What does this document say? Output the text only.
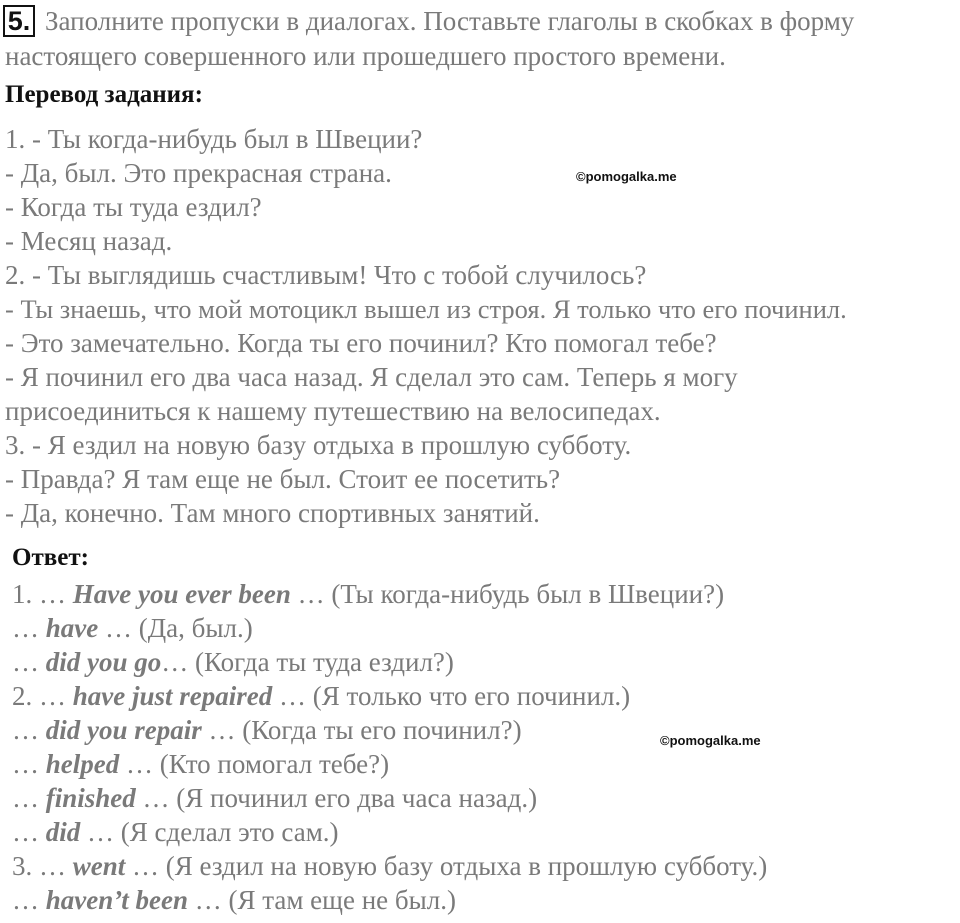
5. Заполните пропуски в диалогах. Поставьте глаголы в скобках в форму
настоящего совершенного или прошедшего простого времени.
Перевод задания:
1. - Ты когда-нибудь был в Швеции?
- Да, был. Это прекрасная страна.
- Когда ты туда ездил?
- Месяц назад.
2. - Ты выглядишь счастливым! Что с тобой случилось?
- Ты знаешь, что мой мотоцикл вышел из строя. Я только что его починил.
- Это замечательно. Когда ты его починил? Кто помогал тебе?
- Я починил его два часа назад. Я сделал это сам. Теперь я могу
присоединиться к нашему путешествию на велосипедах.
3. - Я ездил на новую базу отдыха в прошлую субботу.
- Правда? Я там еще не был. Стоит ее посетить?
- Да, конечно. Там много спортивных занятий.
©pomogalka.me
Ответ:
1. … Have you ever been … (Ты когда-нибудь был в Швеции?)
… have … (Да, был.)
… did you go… (Когда ты туда ездил?)
2. … have just repaired … (Я только что его починил.)
… did you repair … (Когда ты его починил?)
… helped … (Кто помогал тебе?)
… finished … (Я починил его два часа назад.)
… did … (Я сделал это сам.)
3. … went … (Я ездил на новую базу отдыха в прошлую субботу.)
… haven’t been … (Я там еще не был.)
©pomogalka.me
